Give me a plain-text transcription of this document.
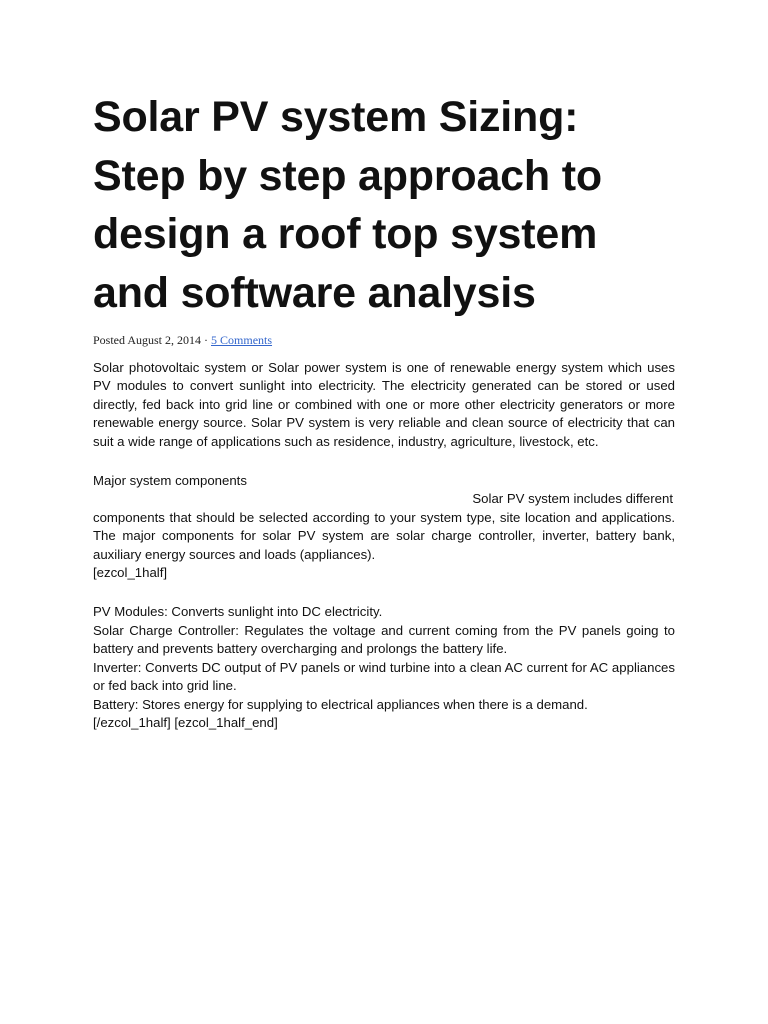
Solar PV system Sizing: Step by step approach to design a roof top system and software analysis
Posted August 2, 2014 · 5 Comments
Solar photovoltaic system or Solar power system is one of renewable energy system which uses PV modules to convert sunlight into electricity. The electricity generated can be stored or used directly, fed back into grid line or combined with one or more other electricity generators or more renewable energy source. Solar PV system is very reliable and clean source of electricity that can suit a wide range of applications such as residence, industry, agriculture, livestock, etc.
Major system components
Solar PV system includes different
components that should be selected according to your system type, site location and applications. The major components for solar PV system are solar charge controller, inverter, battery bank, auxiliary energy sources and loads (appliances).
[ezcol_1half]
PV Modules: Converts sunlight into DC electricity.
Solar Charge Controller: Regulates the voltage and current coming from the PV panels going to battery and prevents battery overcharging and prolongs the battery life.
Inverter: Converts DC output of PV panels or wind turbine into a clean AC current for AC appliances or fed back into grid line.
Battery: Stores energy for supplying to electrical appliances when there is a demand.
[/ezcol_1half] [ezcol_1half_end]
